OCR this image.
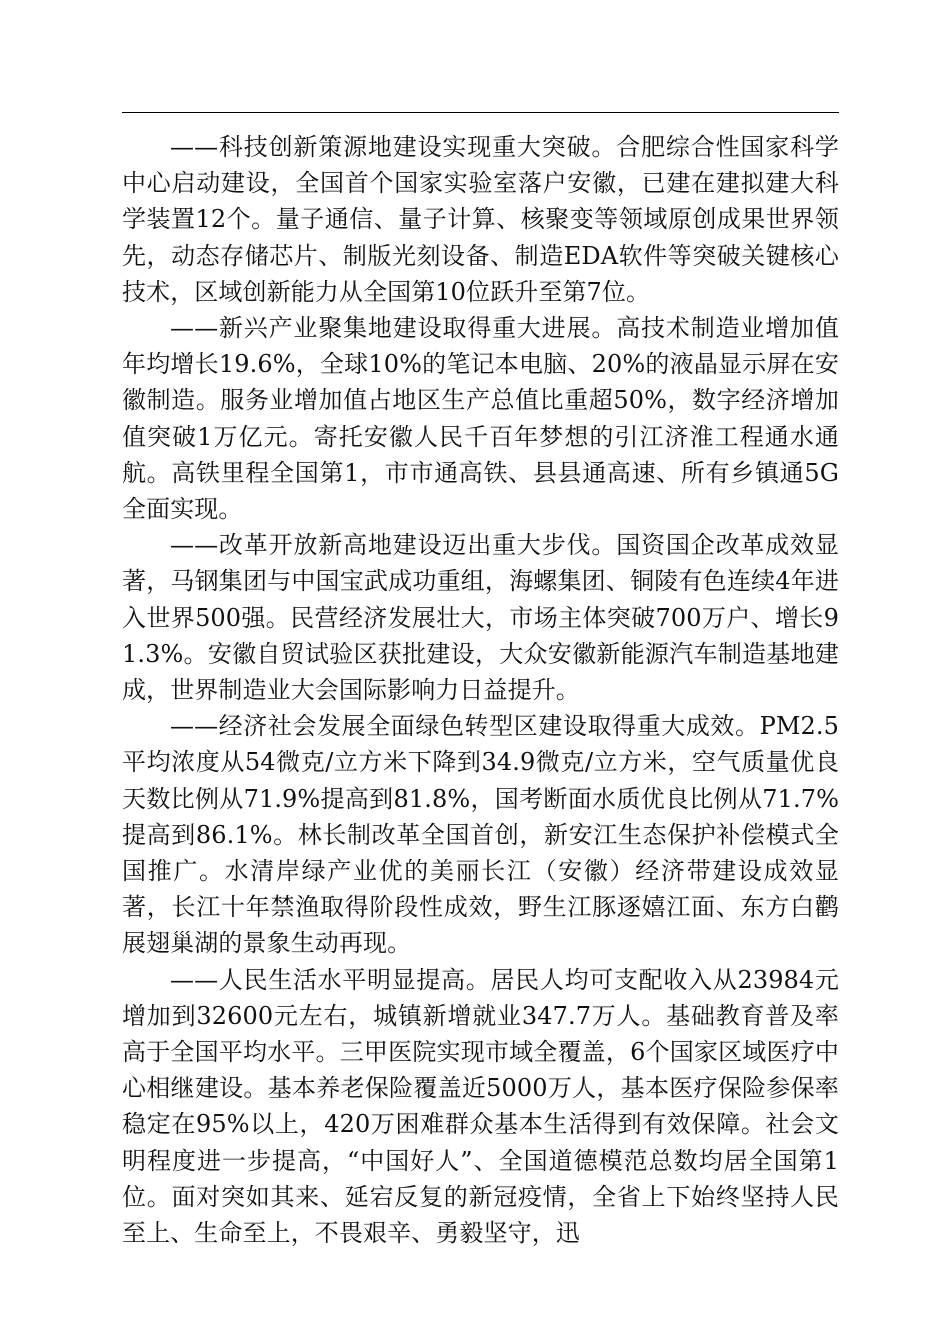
——科技创新策源地建设实现重大突破。合肥综合性国家科学中心启动建设，全国首个国家实验室落户安徽，已建在建拟建大科学装置12个。量子通信、量子计算、核聚变等领域原创成果世界领先，动态存储芯片、制版光刻设备、制造EDA软件等突破关键核心技术，区域创新能力从全国第10位跃升至第7位。

——新兴产业聚集地建设取得重大进展。高技术制造业增加值年均增长19.6%，全球10%的笔记本电脑、20%的液晶显示屏在安徽制造。服务业增加值占地区生产总值比重超50%，数字经济增加值突破1万亿元。寄托安徽人民千百年梦想的引江济淮工程通水通航。高铁里程全国第1，市市通高铁、县县通高速、所有乡镇通5G全面实现。

——改革开放新高地建设迈出重大步伐。国资国企改革成效显著，马钢集团与中国宝武成功重组，海螺集团、铜陵有色连续4年进入世界500强。民营经济发展壮大，市场主体突破700万户、增长91.3%。安徽自贸试验区获批建设，大众安徽新能源汽车制造基地建成，世界制造业大会国际影响力日益提升。

——经济社会发展全面绿色转型区建设取得重大成效。PM2.5平均浓度从54微克/立方米下降到34.9微克/立方米，空气质量优良天数比例从71.9%提高到81.8%，国考断面水质优良比例从71.7%提高到86.1%。林长制改革全国首创，新安江生态保护补偿模式全国推广。水清岸绿产业优的美丽长江（安徽）经济带建设成效显著，长江十年禁渔取得阶段性成效，野生江豚逐嬉江面、东方白鹳展翅巢湖的景象生动再现。

——人民生活水平明显提高。居民人均可支配收入从23984元增加到32600元左右，城镇新增就业347.7万人。基础教育普及率高于全国平均水平。三甲医院实现市域全覆盖，6个国家区域医疗中心相继建设。基本养老保险覆盖近5000万人，基本医疗保险参保率稳定在95%以上，420万困难群众基本生活得到有效保障。社会文明程度进一步提高，“中国好人”、全国道德模范总数均居全国第1位。面对突如其来、延宕反复的新冠疫情，全省上下始终坚持人民至上、生命至上，不畏艰辛、勇毅坚守，迅
